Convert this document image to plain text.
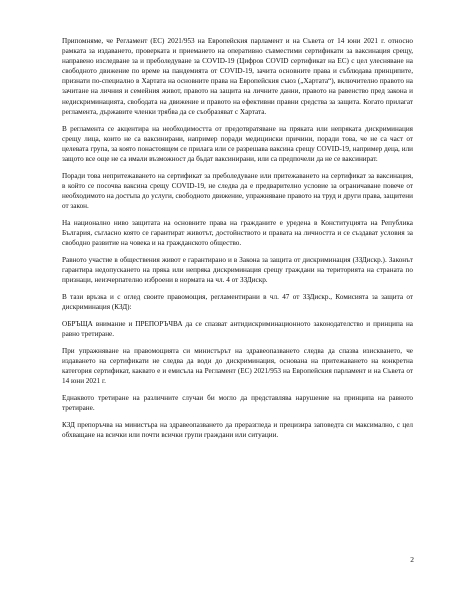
Припомняме, че Регламент (ЕС) 2021/953 на Европейския парламент и на Съвета от 14 юни 2021 г. относно рамката за издаването, проверката и приемането на оперативно съвместими сертификати за ваксинация срещу, направено изследване за и преболедуване за COVID-19 (Цифров COVID сертификат на ЕС) с цел улесняване на свободното движение по време на пандемията от COVID-19, зачита основните права и съблюдава принципите, признати по-специално в Хартата на основните права на Европейския съюз („Хартата“), включително правото на зачитане на личния и семейния живот, правото на защита на личните данни, правото на равенство пред закона и недискриминацията, свободата на движение и правото на ефективни правни средства за защита. Когато прилагат регламента, държавите членки трябва да се съобразяват с Хартата.

В регламента се акцентира на необходимостта от предотвратяване на пряката или непряката дискриминация срещу лица, които не са ваксинирани, например поради медицински причини, поради това, че не са част от целевата група, за която понастоящем се прилага или се разрешава ваксина срещу COVID-19, например деца, или защото все още не са имали възможност да бъдат ваксинирани, или са предпочели да не се ваксинират.

Поради това непритежаването на сертификат за преболедуване или притежаването на сертификат за ваксинация, в който се посочва ваксина срещу COVID-19, не следва да е предварително условие за ограничаване повече от необходимото на достъпа до услуги, свободното движение, упражняване правото на труд и други права, защитени от закон.

На национално ниво защитата на основните права на гражданите е уредена в Конституцията на Република България, съгласно която се гарантират животът, достойнството и правата на личността и се създават условия за свободно развитие на човека и на гражданското общество.

Равното участие в обществения живот е гарантирано и в Закона за защита от дискриминация (ЗЗДискр.). Законът гарантира недопускането на пряка или непряка дискриминация срещу граждани на територията на страната по признаци, неизчерпателно изброени в нормата на чл. 4 от ЗЗДискр.

В тази връзка и с оглед своите правомощия, регламентирани в чл. 47 от ЗЗДискр., Комисията за защита от дискриминация (КЗД):

ОБРЪЩА внимание и ПРЕПОРЪЧВА да се спазват антидискриминационното законодателство и принципа на равно третиране.

При упражняване на правомощията си министърът на здравеопазването следва да спазва изискването, че издаването на сертификати не следва да води до дискриминация, основана на притежаването на конкретна категория сертификат, каквато е и емисъла на Регламент (ЕС) 2021/953 на Европейския парламент и на Съвета от 14 юни 2021 г.

Еднаквото третиране на различните случаи би могло да представлява нарушение на принципа на равното третиране.

КЗД препоръчва на министъра на здравеопазването да преразгледа и прецизира заповедта си максимално, с цел обхващане на всички или почти всички групи граждани или ситуации.

2
